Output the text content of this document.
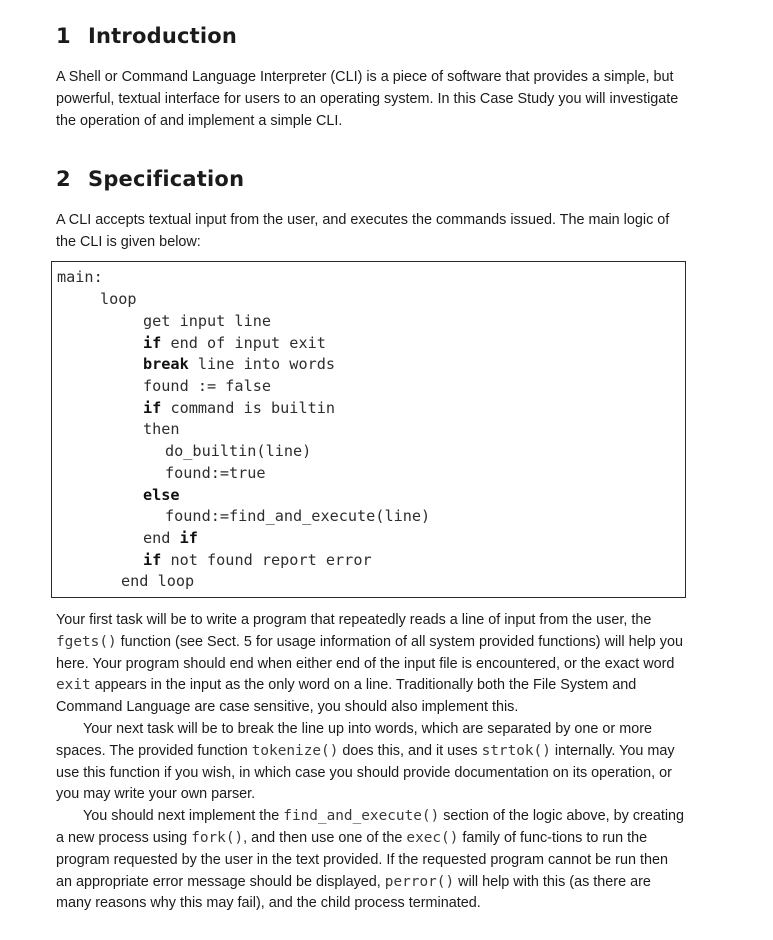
1 Introduction

A Shell or Command Language Interpreter (CLI) is a piece of software that provides a simple, but powerful, textual interface for users to an operating system. In this Case Study you will investigate the operation of and implement a simple CLI.

2 Specification

A CLI accepts textual input from the user, and executes the commands issued. The main logic of the CLI is given below:

main:
loop
get input line
if end of input exit
break line into words
found := false
if command is builtin
then
do_builtin(line)
found:=true
else
found:=find_and_execute(line)
end if
if not found report error
end loop

Your first task will be to write a program that repeatedly reads a line of input from the user, the fgets() function (see Sect. 5 for usage information of all system provided functions) will help you here. Your program should end when either end of the input file is encountered, or the exact word exit appears in the input as the only word on a line. Traditionally both the File System and Command Language are case sensitive, you should also implement this.

Your next task will be to break the line up into words, which are separated by one or more spaces. The provided function tokenize() does this, and it uses strtok() internally. You may use this function if you wish, in which case you should provide documentation on its operation, or you may write your own parser.

You should next implement the find_and_execute() section of the logic above, by creating a new process using fork(), and then use one of the exec() family of func-tions to run the program requested by the user in the text provided. If the requested program cannot be run then an appropriate error message should be displayed, perror() will help with this (as there are many reasons why this may fail), and the child process terminated.
